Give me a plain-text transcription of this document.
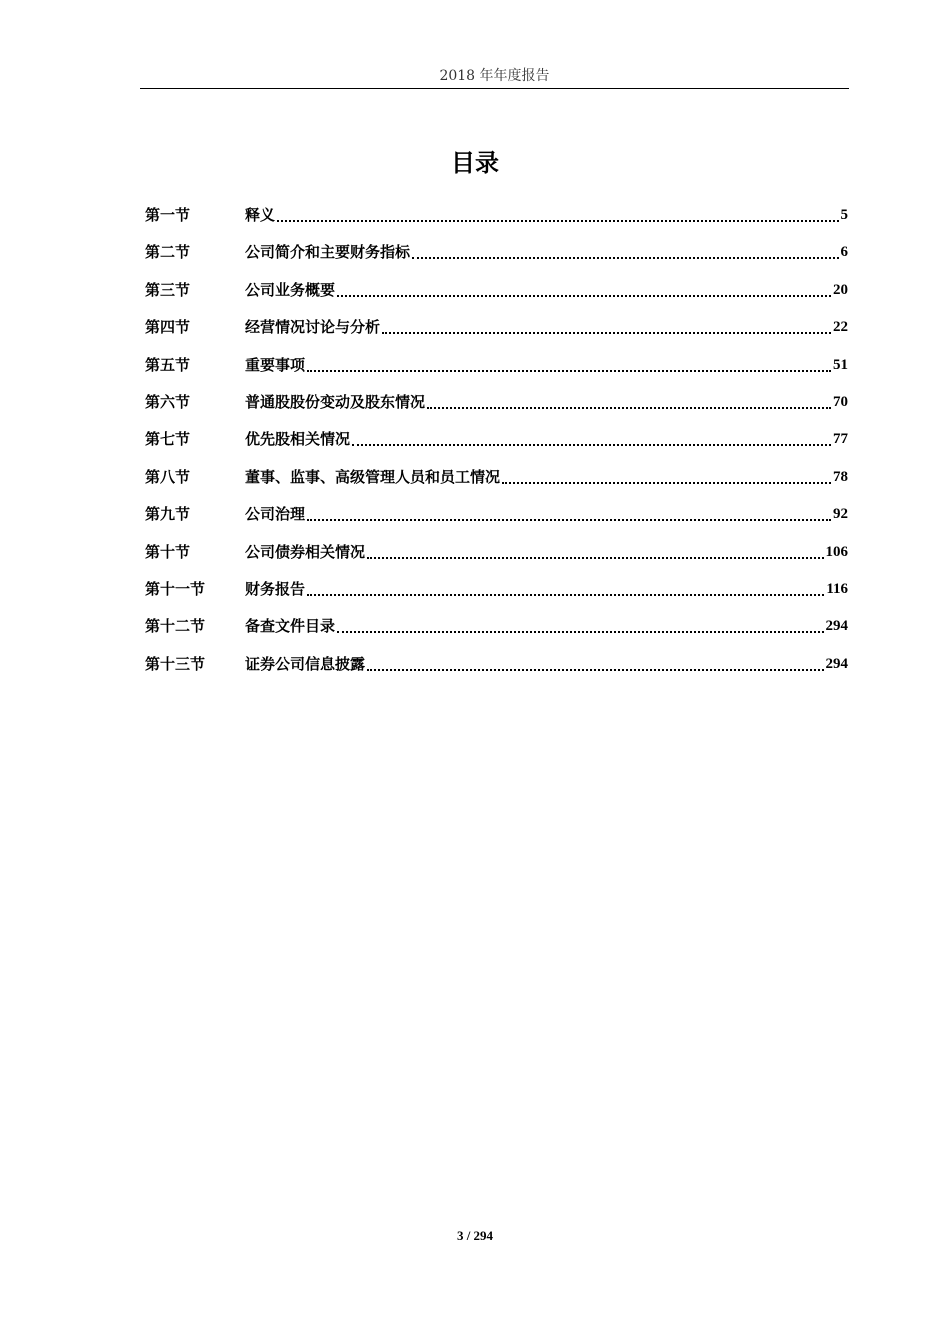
2018 年年度报告
目录
第一节	释义	5
第二节	公司简介和主要财务指标	6
第三节	公司业务概要	20
第四节	经营情况讨论与分析	22
第五节	重要事项	51
第六节	普通股股份变动及股东情况	70
第七节	优先股相关情况	77
第八节	董事、监事、高级管理人员和员工情况	78
第九节	公司治理	92
第十节	公司债券相关情况	106
第十一节	财务报告	116
第十二节	备查文件目录	294
第十三节	证券公司信息披露	294
3 / 294
